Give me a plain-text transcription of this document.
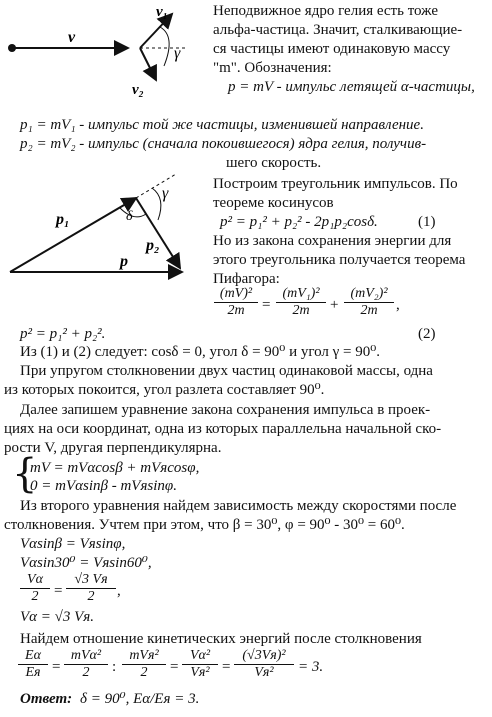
v
v₁
v₂
γ
Неподвижное ядро гелия есть тоже
альфа-частица. Значит, сталкивающие-
ся частицы имеют одинаковую массу
"m". Обозначения:
p = mV - импульс летящей α-частицы,
p₁ = mV₁ - импульс той же частицы, изменившей направление.
p₂ = mV₂ - импульс (сначала покоившегося) ядра гелия, получив-
шего скорость.
p₁
p₂
p
δ
γ
Построим треугольник импульсов. По
теореме косинусов
p² = p₁² + p₂² - 2p₁p₂cosδ.	(1)
Но из закона сохранения энергии для
этого треугольника получается теорема
Пифагора:
$\frac{\text{(mV)²}}{2m} = \frac{\text{(mV₁)²}}{2m} + \frac{\text{(mV₂)²}}{2m}$ ,
p² = p₁² + p₂².	(2)
Из (1) и (2) следует: cosδ = 0, угол δ = 90⁰ и угол γ = 90⁰.
При упругом столкновении двух частиц одинаковой массы, одна
из которых покоится, угол разлета составляет 90⁰.
Далее запишем уравнение закона сохранения импульса в проек-
циях на оси координат, одна из которых параллельна начальной ско-
рости V, другая перпендикулярна.
{
mV = mVαcosβ + mVяcosφ,
0 = mVαsinβ - mVяsinφ.
Из второго уравнения найдем зависимость между скоростями после
столкновения. Учтем при этом, что β = 30⁰, φ = 90⁰ - 30⁰ = 60⁰.
Vαsinβ = Vяsinφ,
Vαsin30⁰ = Vяsin60⁰,
$\frac{V\alpha}{2}$ =
√3 Vя
2	,
Vα = √3 Vя.
Найдем отношение кинетических энергий после столкновения
Eα
Eя =
mVα²
2	:
mVя²
2	=
Vα²
Vя² =
(√3Vя)²
Vя²	= 3.
Ответ: δ = 90⁰, Eα/Eя = 3.
